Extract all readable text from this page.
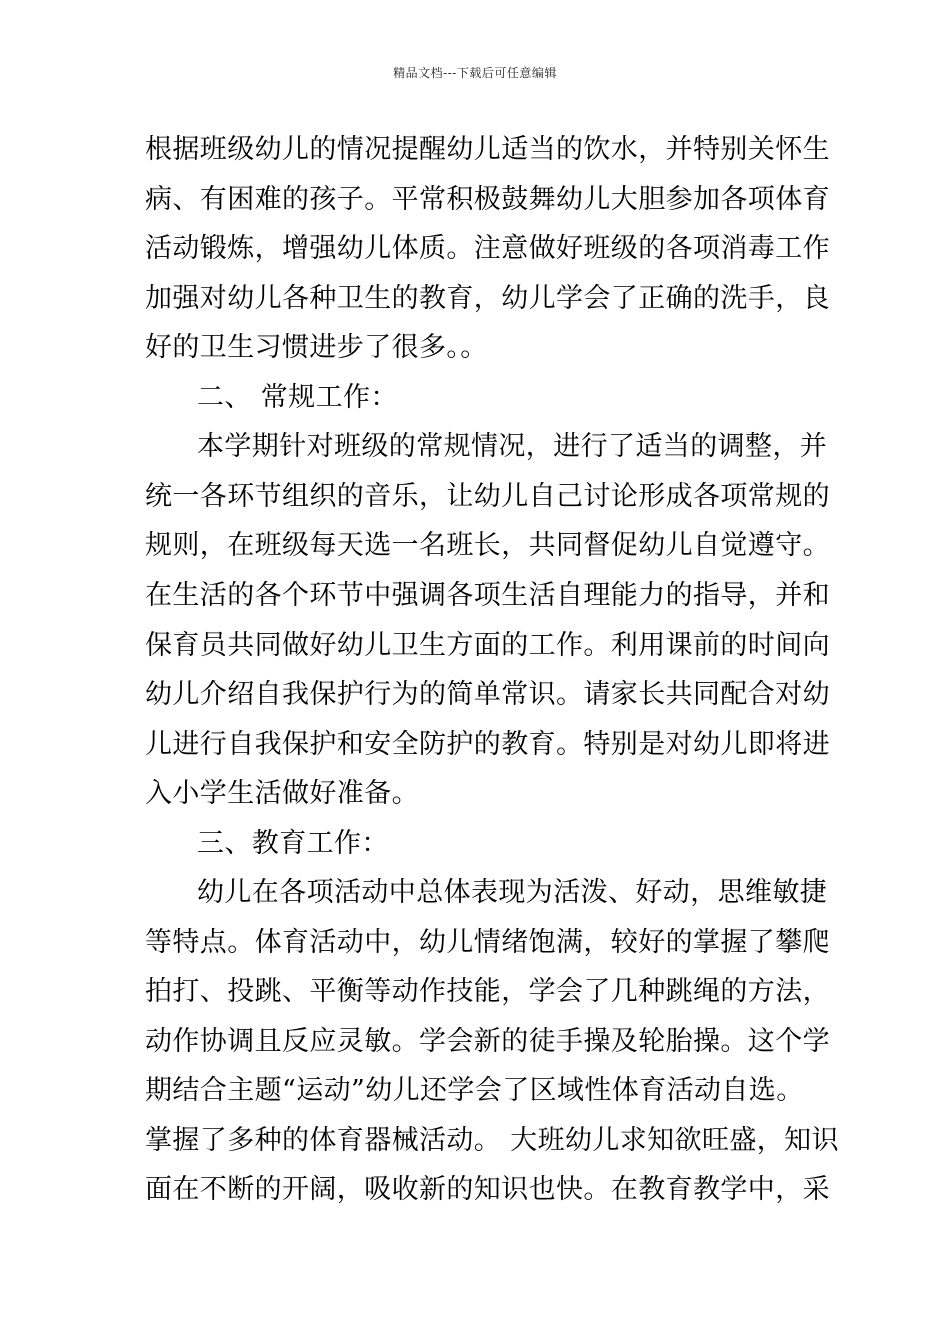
精品文档---下载后可任意编辑
根据班级幼儿的情况提醒幼儿适当的饮水，并特别关怀生
病、有困难的孩子。平常积极鼓舞幼儿大胆参加各项体育
活动锻炼，增强幼儿体质。注意做好班级的各项消毒工作
加强对幼儿各种卫生的教育，幼儿学会了正确的洗手，良
好的卫生习惯进步了很多。。
二、 常规工作：
本学期针对班级的常规情况，进行了适当的调整，并
统一各环节组织的音乐，让幼儿自己讨论形成各项常规的
规则，在班级每天选一名班长，共同督促幼儿自觉遵守。
在生活的各个环节中强调各项生活自理能力的指导，并和
保育员共同做好幼儿卫生方面的工作。利用课前的时间向
幼儿介绍自我保护行为的简单常识。请家长共同配合对幼
儿进行自我保护和安全防护的教育。特别是对幼儿即将进
入小学生活做好准备。
三、教育工作：
幼儿在各项活动中总体表现为活泼、好动，思维敏捷
等特点。体育活动中，幼儿情绪饱满，较好的掌握了攀爬
拍打、投跳、平衡等动作技能，学会了几种跳绳的方法，
动作协调且反应灵敏。学会新的徒手操及轮胎操。这个学
期结合主题“运动”幼儿还学会了区域性体育活动自选。
掌握了多种的体育器械活动。 大班幼儿求知欲旺盛，知识
面在不断的开阔，吸收新的知识也快。在教育教学中，采
